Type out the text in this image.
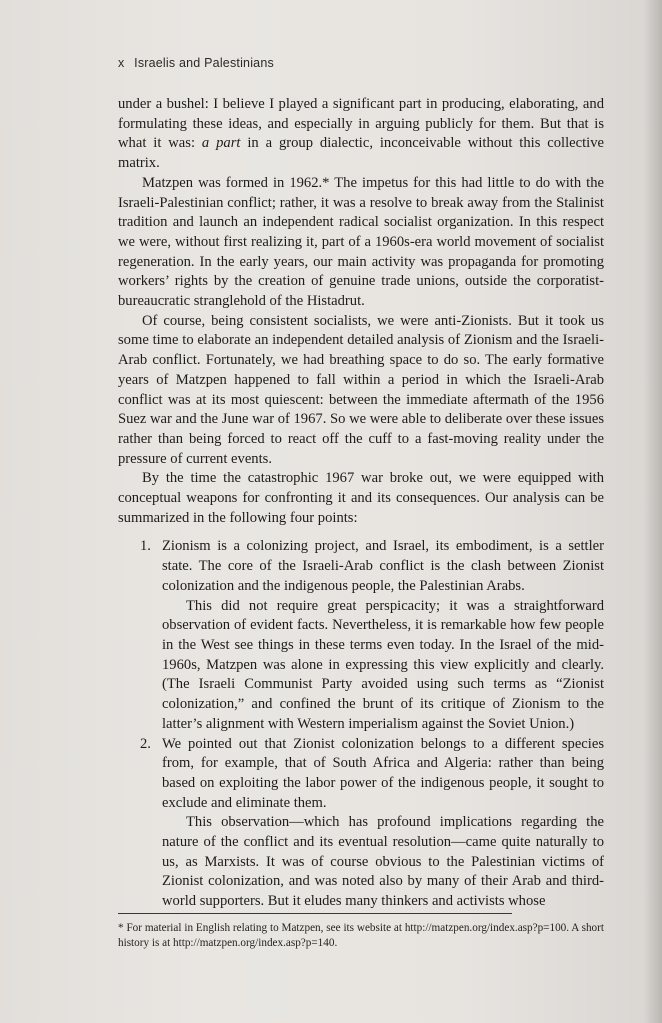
x Israelis and Palestinians

under a bushel: I believe I played a significant part in producing, elaborating, and formulating these ideas, and especially in arguing publicly for them. But that is what it was: a part in a group dialectic, inconceivable without this collective matrix.

Matzpen was formed in 1962.* The impetus for this had little to do with the Israeli-Palestinian conflict; rather, it was a resolve to break away from the Stalinist tradition and launch an independent radical socialist organization. In this respect we were, without first realizing it, part of a 1960s-era world movement of socialist regeneration. In the early years, our main activity was propaganda for promoting workers’ rights by the creation of genuine trade unions, outside the corporatist-bureaucratic stranglehold of the Histadrut.

Of course, being consistent socialists, we were anti-Zionists. But it took us some time to elaborate an independent detailed analysis of Zionism and the Israeli-Arab conflict. Fortunately, we had breathing space to do so. The early formative years of Matzpen happened to fall within a period in which the Israeli-Arab conflict was at its most quiescent: between the immediate aftermath of the 1956 Suez war and the June war of 1967. So we were able to deliberate over these issues rather than being forced to react off the cuff to a fast-moving reality under the pressure of current events.

By the time the catastrophic 1967 war broke out, we were equipped with conceptual weapons for confronting it and its consequences. Our analysis can be summarized in the following four points:

1. Zionism is a colonizing project, and Israel, its embodiment, is a settler state. The core of the Israeli-Arab conflict is the clash between Zionist colonization and the indigenous people, the Palestinian Arabs.

This did not require great perspicacity; it was a straightforward observation of evident facts. Nevertheless, it is remarkable how few people in the West see things in these terms even today. In the Israel of the mid-1960s, Matzpen was alone in expressing this view explicitly and clearly. (The Israeli Communist Party avoided using such terms as “Zionist colonization,” and confined the brunt of its critique of Zionism to the latter’s alignment with Western imperialism against the Soviet Union.)

2. We pointed out that Zionist colonization belongs to a different species from, for example, that of South Africa and Algeria: rather than being based on exploiting the labor power of the indigenous people, it sought to exclude and eliminate them.

This observation—which has profound implications regarding the nature of the conflict and its eventual resolution—came quite naturally to us, as Marxists. It was of course obvious to the Palestinian victims of Zionist colonization, and was noted also by many of their Arab and third-world supporters. But it eludes many thinkers and activists whose

* For material in English relating to Matzpen, see its website at http://matzpen.org/index.asp?p=100. A short history is at http://matzpen.org/index.asp?p=140.
